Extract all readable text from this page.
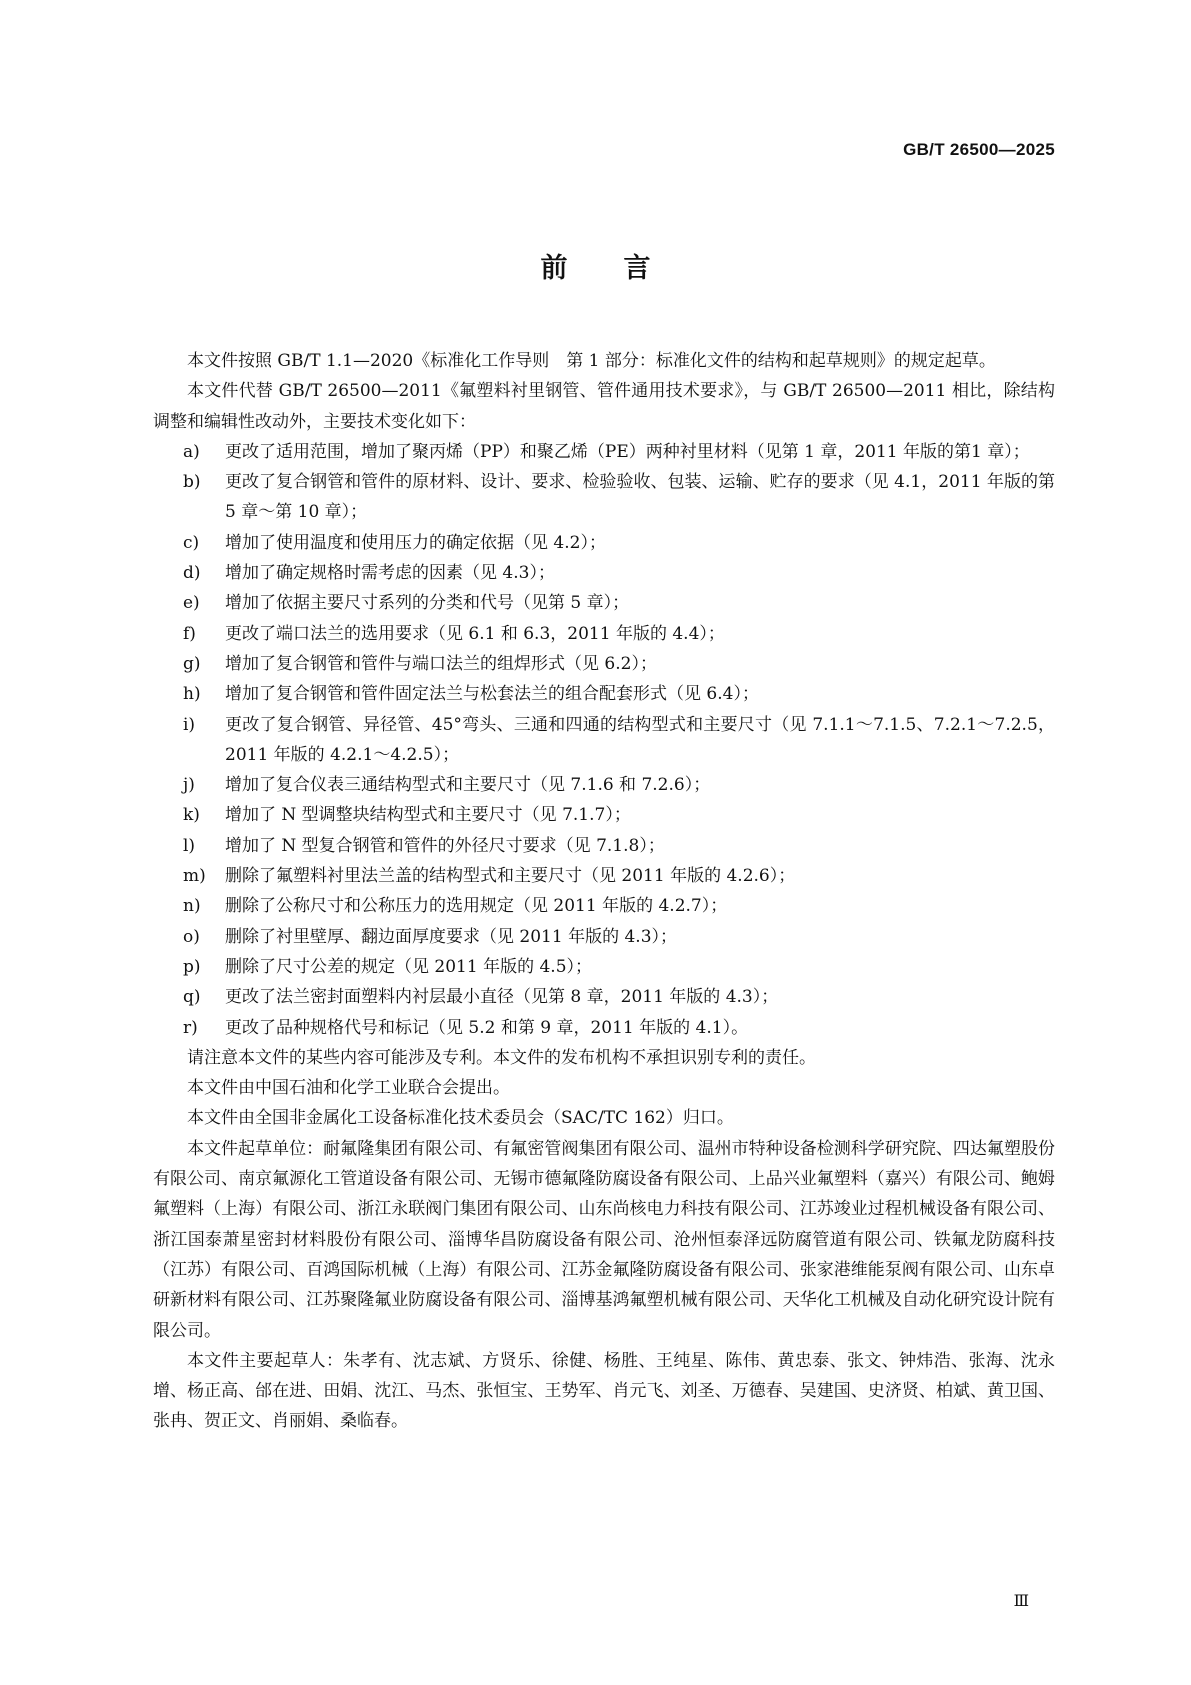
GB/T 26500—2025
前言

本文件按照 GB/T 1.1—2020《标准化工作导则　第 1 部分：标准化文件的结构和起草规则》的规定起草。

本文件代替 GB/T 26500—2011《氟塑料衬里钢管、管件通用技术要求》，与 GB/T 26500—2011 相比，除结构调整和编辑性改动外，主要技术变化如下：

a) 更改了适用范围，增加了聚丙烯（PP）和聚乙烯（PE）两种衬里材料（见第 1 章，2011 年版的第1 章）；
b) 更改了复合钢管和管件的原材料、设计、要求、检验验收、包装、运输、贮存的要求（见 4.1，2011 年版的第 5 章～第 10 章）；
c) 增加了使用温度和使用压力的确定依据（见 4.2）；
d) 增加了确定规格时需考虑的因素（见 4.3）；
e) 增加了依据主要尺寸系列的分类和代号（见第 5 章）；
f) 更改了端口法兰的选用要求（见 6.1 和 6.3，2011 年版的 4.4）；
g) 增加了复合钢管和管件与端口法兰的组焊形式（见 6.2）；
h) 增加了复合钢管和管件固定法兰与松套法兰的组合配套形式（见 6.4）；
i) 更改了复合钢管、异径管、45°弯头、三通和四通的结构型式和主要尺寸（见 7.1.1～7.1.5、7.2.1～7.2.5，2011 年版的 4.2.1～4.2.5）；
j) 增加了复合仪表三通结构型式和主要尺寸（见 7.1.6 和 7.2.6）；
k) 增加了 N 型调整块结构型式和主要尺寸（见 7.1.7）；
l) 增加了 N 型复合钢管和管件的外径尺寸要求（见 7.1.8）；
m) 删除了氟塑料衬里法兰盖的结构型式和主要尺寸（见 2011 年版的 4.2.6）；
n) 删除了公称尺寸和公称压力的选用规定（见 2011 年版的 4.2.7）；
o) 删除了衬里壁厚、翻边面厚度要求（见 2011 年版的 4.3）；
p) 删除了尺寸公差的规定（见 2011 年版的 4.5）；
q) 更改了法兰密封面塑料内衬层最小直径（见第 8 章，2011 年版的 4.3）；
r) 更改了品种规格代号和标记（见 5.2 和第 9 章，2011 年版的 4.1）。

请注意本文件的某些内容可能涉及专利。本文件的发布机构不承担识别专利的责任。

本文件由中国石油和化学工业联合会提出。

本文件由全国非金属化工设备标准化技术委员会（SAC/TC 162）归口。

本文件起草单位：耐氟隆集团有限公司、有氟密管阀集团有限公司、温州市特种设备检测科学研究院、四达氟塑股份有限公司、南京氟源化工管道设备有限公司、无锡市德氟隆防腐设备有限公司、上品兴业氟塑料（嘉兴）有限公司、鲍姆氟塑料（上海）有限公司、浙江永联阀门集团有限公司、山东尚核电力科技有限公司、江苏竣业过程机械设备有限公司、浙江国泰萧星密封材料股份有限公司、淄博华昌防腐设备有限公司、沧州恒泰泽远防腐管道有限公司、铁氟龙防腐科技（江苏）有限公司、百鸿国际机械（上海）有限公司、江苏金氟隆防腐设备有限公司、张家港维能泵阀有限公司、山东卓研新材料有限公司、江苏聚隆氟业防腐设备有限公司、淄博基鸿氟塑机械有限公司、天华化工机械及自动化研究设计院有限公司。

本文件主要起草人：朱孝有、沈志斌、方贤乐、徐健、杨胜、王纯星、陈伟、黄忠泰、张文、钟炜浩、张海、沈永增、杨正高、邰在进、田娟、沈江、马杰、张恒宝、王势军、肖元飞、刘圣、万德春、吴建国、史济贤、柏斌、黄卫国、张冉、贺正文、肖丽娟、桑临春。

Ⅲ
